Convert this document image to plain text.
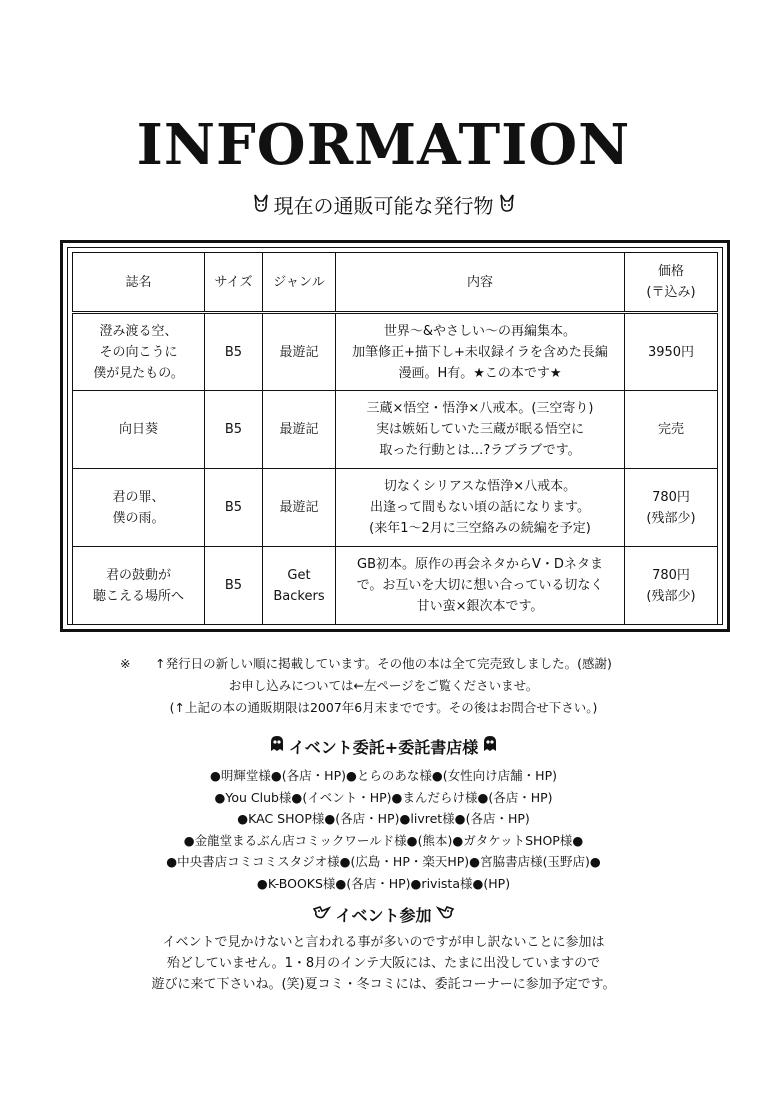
INFORMATION
現在の通販可能な発行物
誌名	サイズ	ジャンル	内容	価格
(〒込み)
澄み渡る空、
その向こうに
僕が見たもの。	B5	最遊記	世界～&やさしい～の再編集本。
加筆修正+描下し+未収録イラを含めた長編
漫画。H有。★この本です★	3950円
向日葵	B5	最遊記	三蔵×悟空・悟浄×八戒本。(三空寄り)
実は嫉妬していた三蔵が眠る悟空に
取った行動とは…?ラブラブです。	完売
君の罪、
僕の雨。	B5	最遊記	切なくシリアスな悟浄×八戒本。
出逢って間もない頃の話になります。
(来年1～2月に三空絡みの続編を予定)	780円
(残部少)
君の鼓動が
聴こえる場所へ	B5	Get
Backers	GB初本。原作の再会ネタからV・Dネタま
で。お互いを大切に想い合っている切なく
甘い蛮×銀次本です。	780円
(残部少)
※	↑発行日の新しい順に掲載しています。その他の本は全て完売致しました。(感謝)
お申し込みについては←左ページをご覧くださいませ。
(↑上記の本の通販期限は2007年6月末までです。その後はお問合せ下さい。)
イベント委託+委託書店様
●明輝堂様●(各店・HP)●とらのあな様●(女性向け店舗・HP)
●You Club様●(イベント・HP)●まんだらけ様●(各店・HP)
●KAC SHOP様●(各店・HP)●livret様●(各店・HP)
●金龍堂まるぶん店コミックワールド様●(熊本)●ガタケットSHOP様●
●中央書店コミコミスタジオ様●(広島・HP・楽天HP)●宮脇書店様(玉野店)●
●K-BOOKS様●(各店・HP)●rivista様●(HP)
イベント参加
イベントで見かけないと言われる事が多いのですが申し訳ないことに参加は
殆どしていません。1・8月のインテ大阪には、たまに出没していますので
遊びに来て下さいね。(笑)夏コミ・冬コミには、委託コーナーに参加予定です。
